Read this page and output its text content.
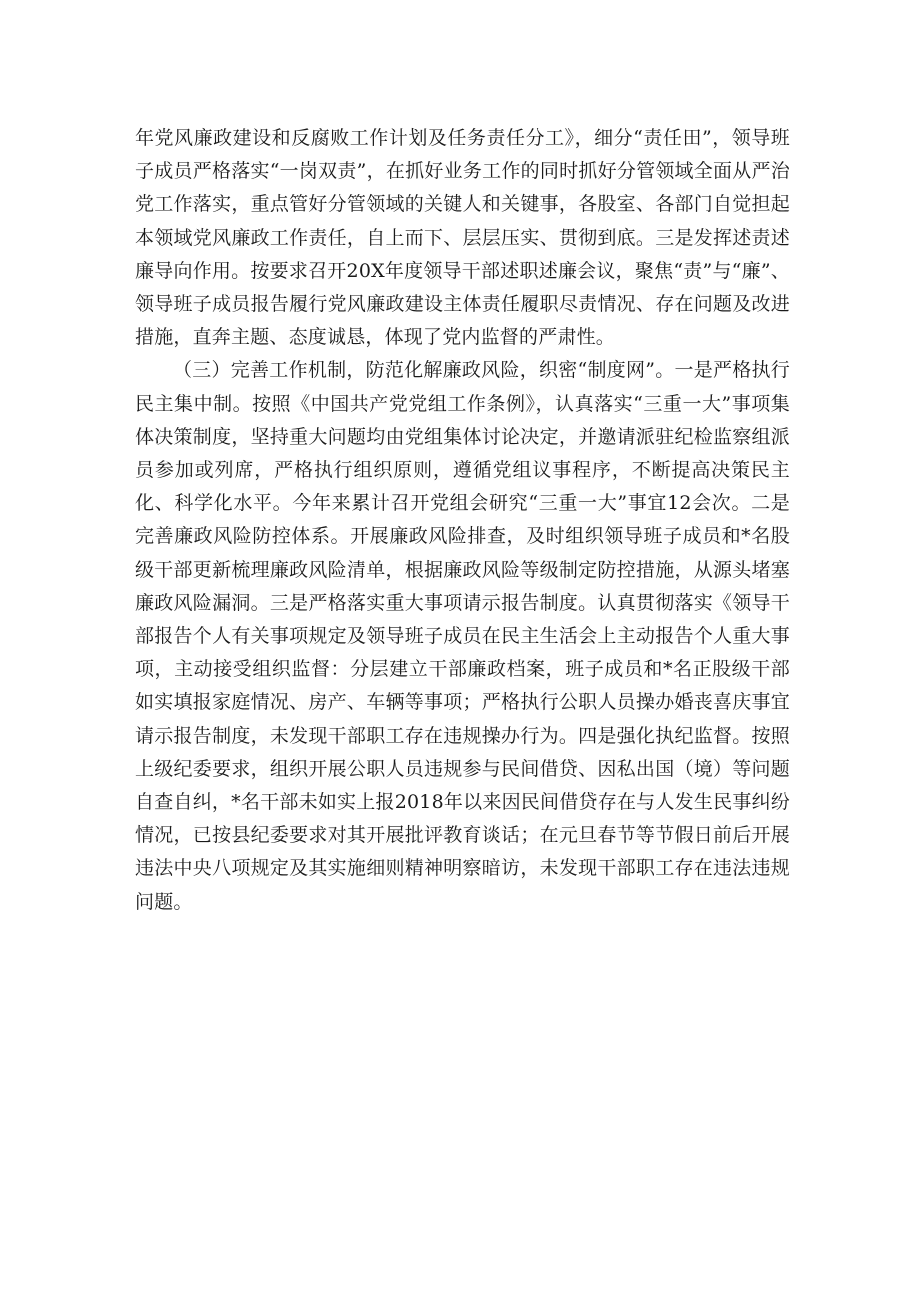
年党风廉政建设和反腐败工作计划及任务责任分工》，细分“责任田”，领导班子成员严格落实“一岗双责”，在抓好业务工作的同时抓好分管领域全面从严治党工作落实，重点管好分管领域的关键人和关键事，各股室、各部门自觉担起本领域党风廉政工作责任，自上而下、层层压实、贯彻到底。三是发挥述责述廉导向作用。按要求召开20X年度领导干部述职述廉会议，聚焦“责”与“廉”、领导班子成员报告履行党风廉政建设主体责任履职尽责情况、存在问题及改进措施，直奔主题、态度诚恳，体现了党内监督的严肃性。

（三）完善工作机制，防范化解廉政风险，织密“制度网”。一是严格执行民主集中制。按照《中国共产党党组工作条例》，认真落实“三重一大”事项集体决策制度，坚持重大问题均由党组集体讨论决定，并邀请派驻纪检监察组派员参加或列席，严格执行组织原则，遵循党组议事程序，不断提高决策民主化、科学化水平。今年来累计召开党组会研究“三重一大”事宜12会次。二是完善廉政风险防控体系。开展廉政风险排查，及时组织领导班子成员和*名股级干部更新梳理廉政风险清单，根据廉政风险等级制定防控措施，从源头堵塞廉政风险漏洞。三是严格落实重大事项请示报告制度。认真贯彻落实《领导干部报告个人有关事项规定及领导班子成员在民主生活会上主动报告个人重大事项，主动接受组织监督：分层建立干部廉政档案，班子成员和*名正股级干部如实填报家庭情况、房产、车辆等事项；严格执行公职人员操办婚丧喜庆事宜请示报告制度，未发现干部职工存在违规操办行为。四是强化执纪监督。按照上级纪委要求，组织开展公职人员违规参与民间借贷、因私出国（境）等问题自查自纠，*名干部未如实上报2018年以来因民间借贷存在与人发生民事纠纷情况，已按县纪委要求对其开展批评教育谈话；在元旦春节等节假日前后开展违法中央八项规定及其实施细则精神明察暗访，未发现干部职工存在违法违规问题。
